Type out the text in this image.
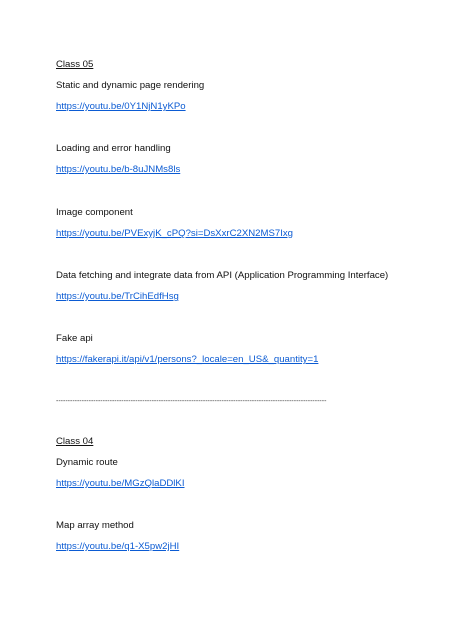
Class 05
Static and dynamic page rendering
https://youtu.be/0Y1NjN1yKPo
Loading and error handling
https://youtu.be/b-8uJNMs8ls
Image component
https://youtu.be/PVExyjK_cPQ?si=DsXxrC2XN2MS7Ixg
Data fetching and integrate data from API (Application Programming Interface)
https://youtu.be/TrCihEdfHsg
Fake api
https://fakerapi.it/api/v1/persons?_locale=en_US&_quantity=1
--------------------------------------------------------------------------------------------------------------------
Class 04
Dynamic route
https://youtu.be/MGzQlaDDlKI
Map array method
https://youtu.be/q1-X5pw2jHI
